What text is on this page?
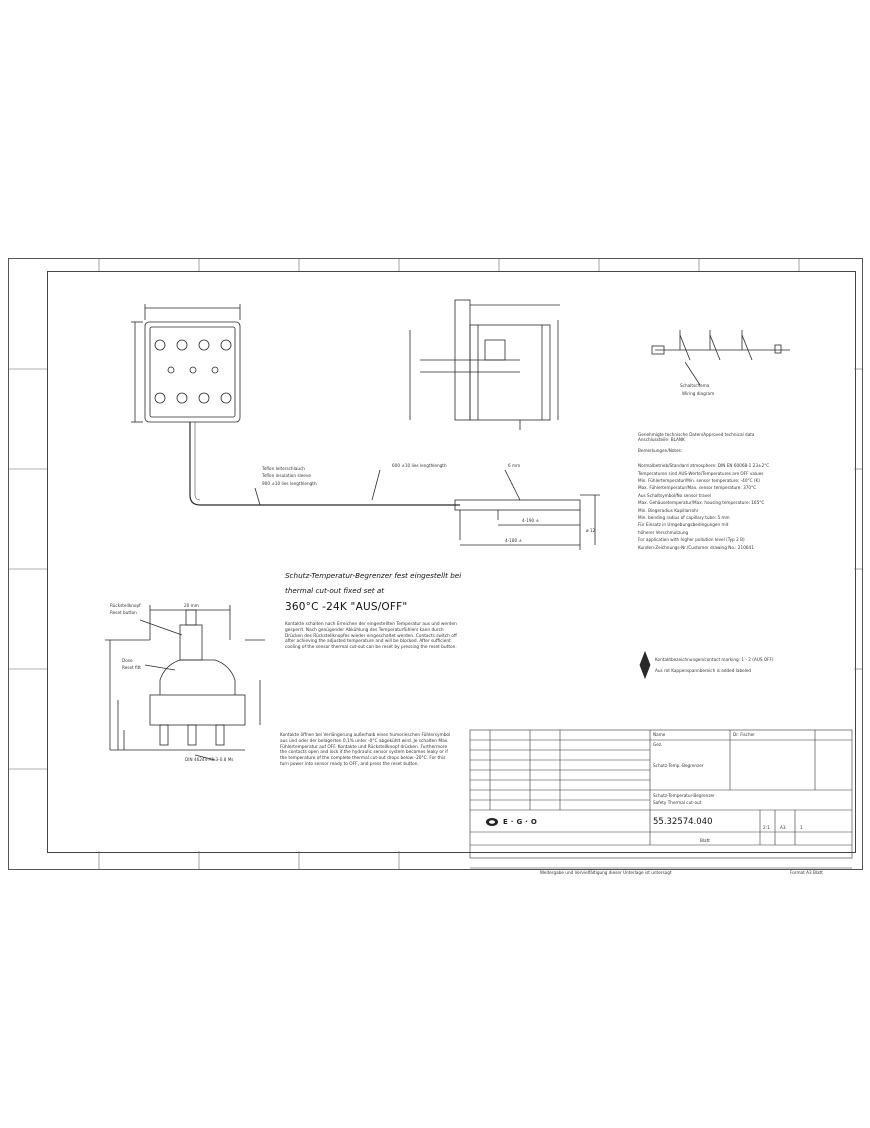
Schaltschema
Wiring diagram
Teflon leiterschlauch
Teflon insulation sleeve
900 ±10 lies lengthlength
600 ±10 lies lengthlength	6 mm
4-190 ±
4-180 ±
ø 12
Rückstellknopf
Reset button
20 mm
Dose
Reset fitt
DIN 46244-A6.3-0.8 Ms
Schutz-Temperatur-Begrenzer fest eingestellt bei
thermal cut-out fixed set at
360°C -24K "AUS/OFF"
Kontakte schalten nach Erreichen der eingestellten Temperatur aus und werden gesperrt. Nach genügender Abkühlung des Temperaturfühlers kann durch Drücken des Rückstellknopfes wieder eingeschaltet werden. Contacts switch off after achieving the adjusted temperature and will be blocked. After sufficient cooling of the sensor thermal cut-out can be reset by pressing the reset button.
Kontakte öffnen bei Verlängerung außerhalb eines humorieschen Fühlersymbol aus und oder der belagerten 0,1% unter -0°C abgekühlt wird. Je schalten Max. Fühlertemperatur auf OFF. Kontakte und Rückstellknopf drücken. Furthermore the contacts open and lock if the hydraulic sensor system becomes leaky or if the temperature of the complete thermal cut-out drops below -20°C. For this turn power into sensor ready to OFF, and press the reset button.
Genehmigte technische Daten/Approved technical data
Anschlussteile: BLANK
Bemerkungen/Notes:
Normalbetrieb/Standard atmosphere: DIN EN 60068-1 23±2°C
Temperaturen sind AUS-Werte/Temperatures are OFF values
Min. Fühlertemperatur/Min. sensor temperature: -40°C (K)
Max. Fühlertemperatur/Max. sensor temperature: 370°C
Aus Schaltsymbol/No sensor travel
Max. Gehäusetemperatur/Max. housing temperature: 165°C
Min. Biegeradius Kapillarrohr
Min. bending radius of capillary tube: 5 mm
Für Einsatz in Umgebungsbedingungen mit
höherer Verschmutzung
For application with higher pollution level (Typ 2 B)
Kunden-Zeichnungs-Nr./Customer drawing No.: 210641
Kontaktbezeichnungen/contact marking: 1 - 2 (AUS OFF)
Aus rot Kappenspannbereich is added labeled
Name	Dr. Fischer
Gez.
Schutz-Temp.-Begrenzer
Schutz-Temperatur-Begrenzer
Safety Thermal cut-out
55.32574.040
2:1 A3	1
E·G·O
Weitergabe und Vervielfältigung dieser Unterlage ist untersagt
Blatt
Format A3 Blatt
